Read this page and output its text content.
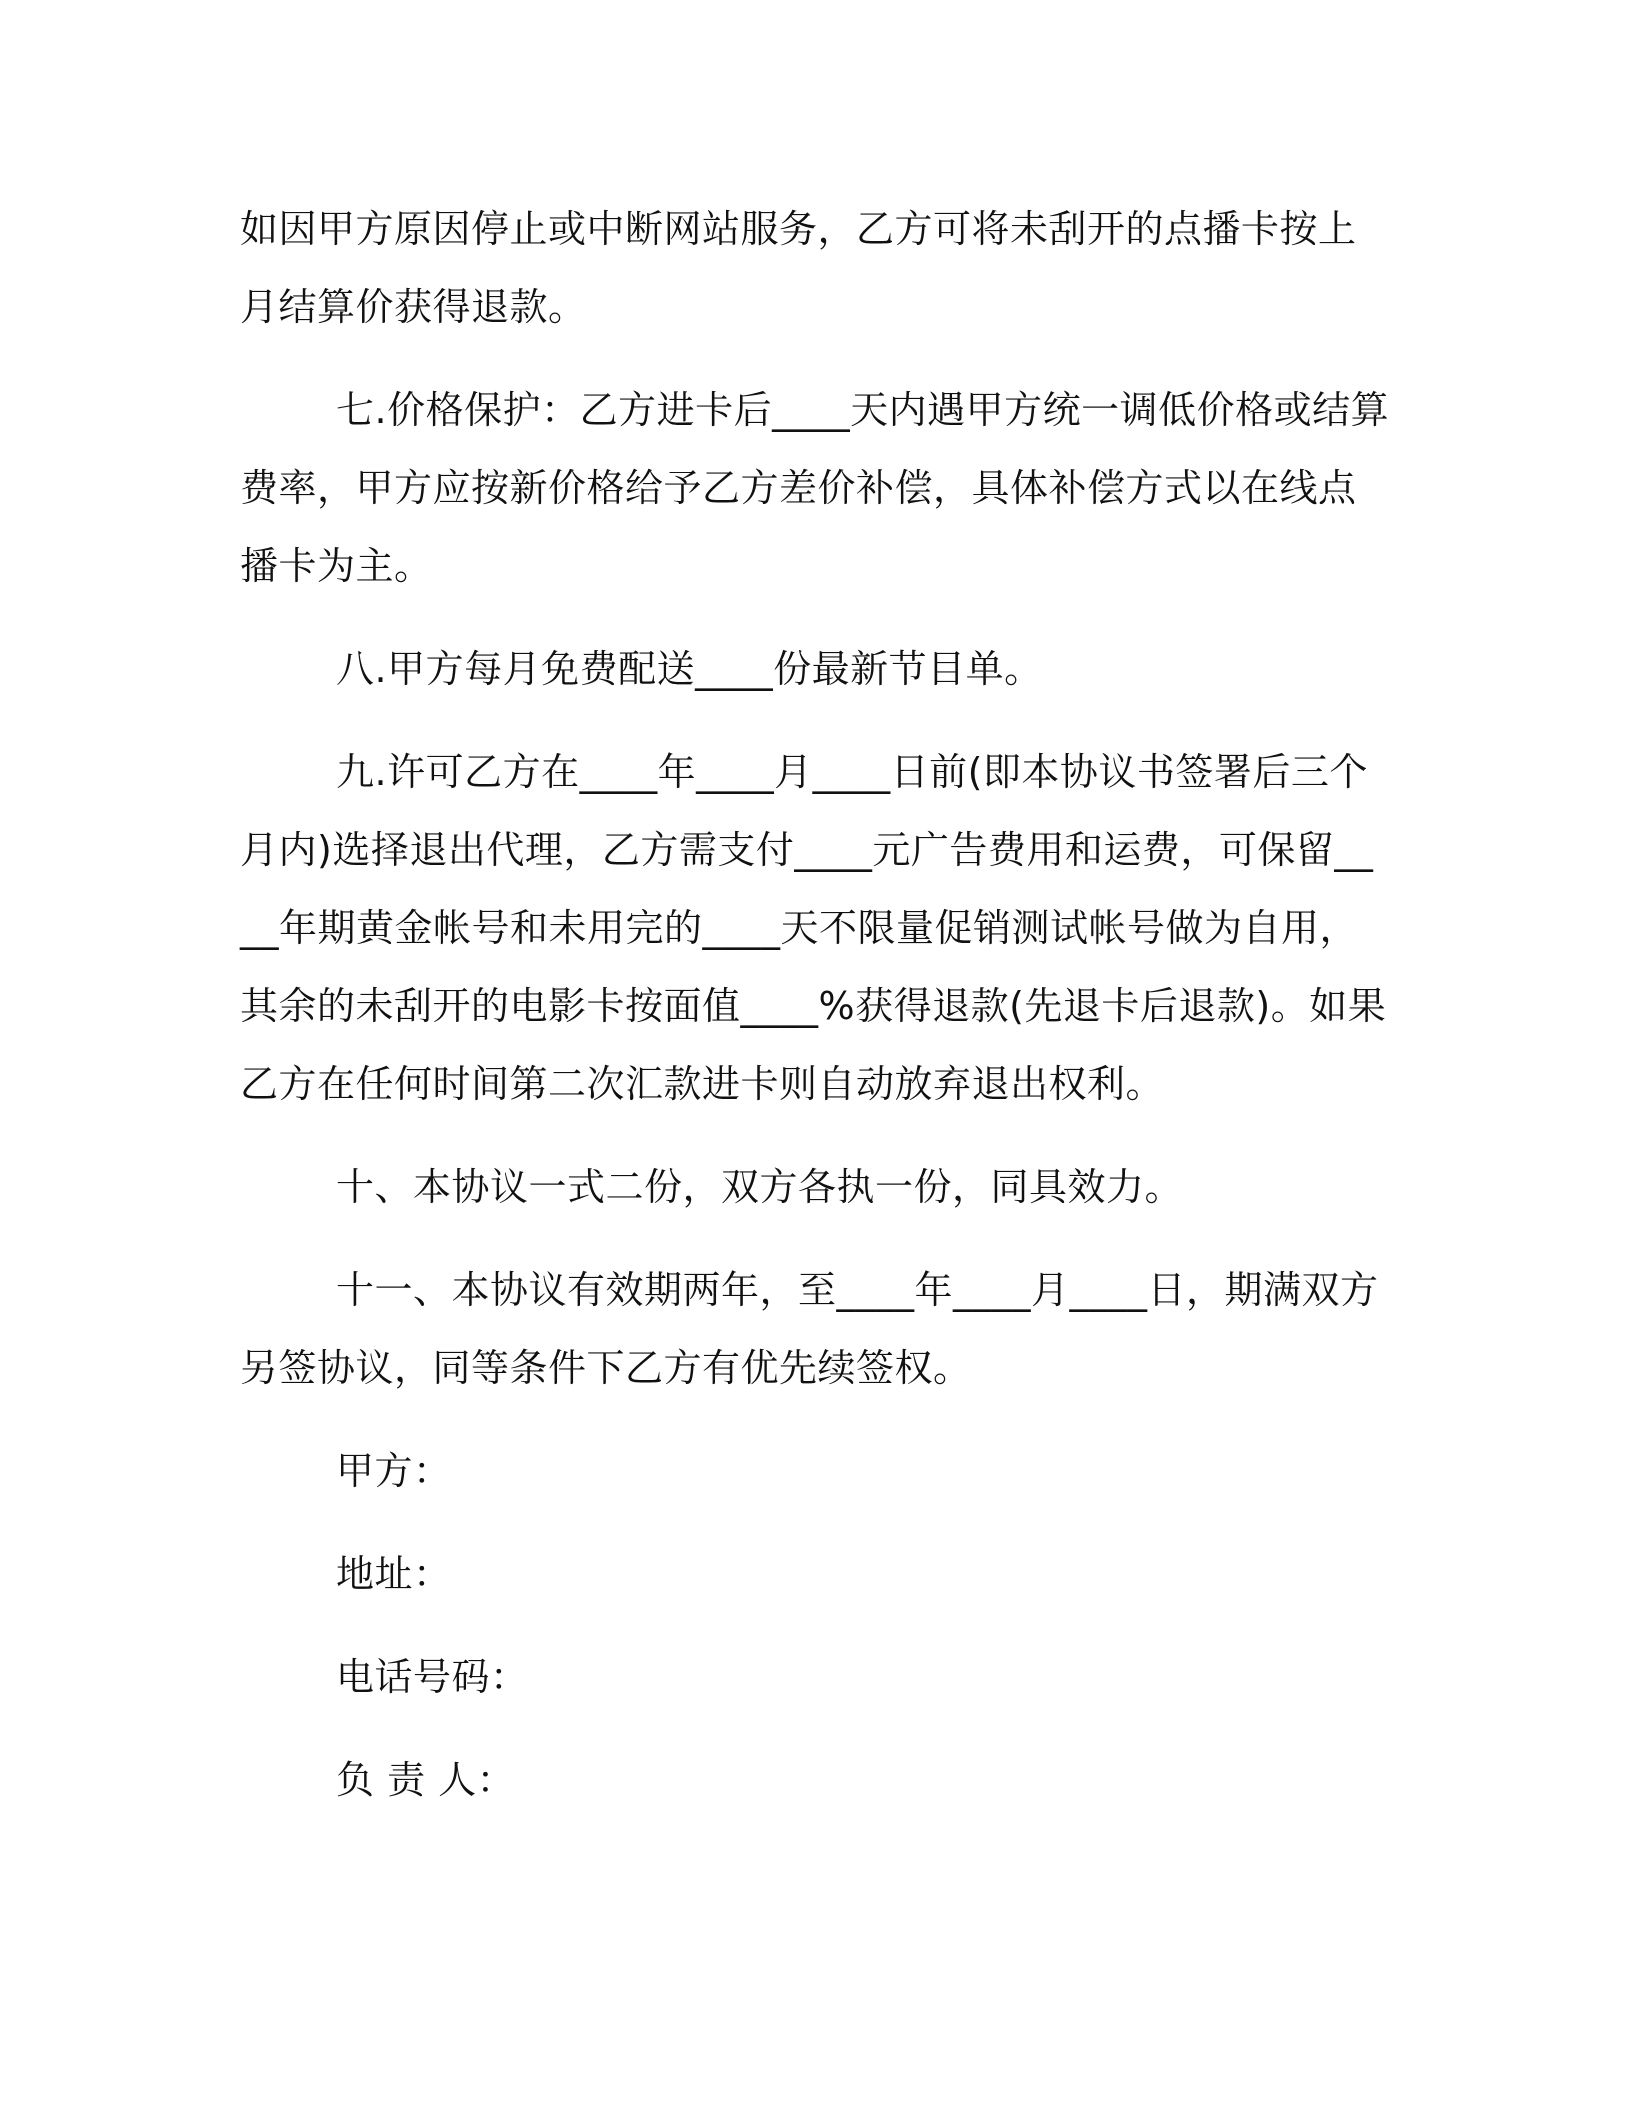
如因甲方原因停止或中断网站服务，乙方可将未刮开的点播卡按上月结算价获得退款。

七.价格保护：乙方进卡后____天内遇甲方统一调低价格或结算费率，甲方应按新价格给予乙方差价补偿，具体补偿方式以在线点播卡为主。

八.甲方每月免费配送____份最新节目单。

九.许可乙方在____年____月____日前(即本协议书签署后三个月内)选择退出代理，乙方需支付____元广告费用和运费，可保留____年期黄金帐号和未用完的____天不限量促销测试帐号做为自用，其余的未刮开的电影卡按面值____%获得退款(先退卡后退款)。如果乙方在任何时间第二次汇款进卡则自动放弃退出权利。

十、本协议一式二份，双方各执一份，同具效力。

十一、本协议有效期两年，至____年____月____日，期满双方另签协议，同等条件下乙方有优先续签权。

甲方：
地址：
电话号码：
负 责 人：
